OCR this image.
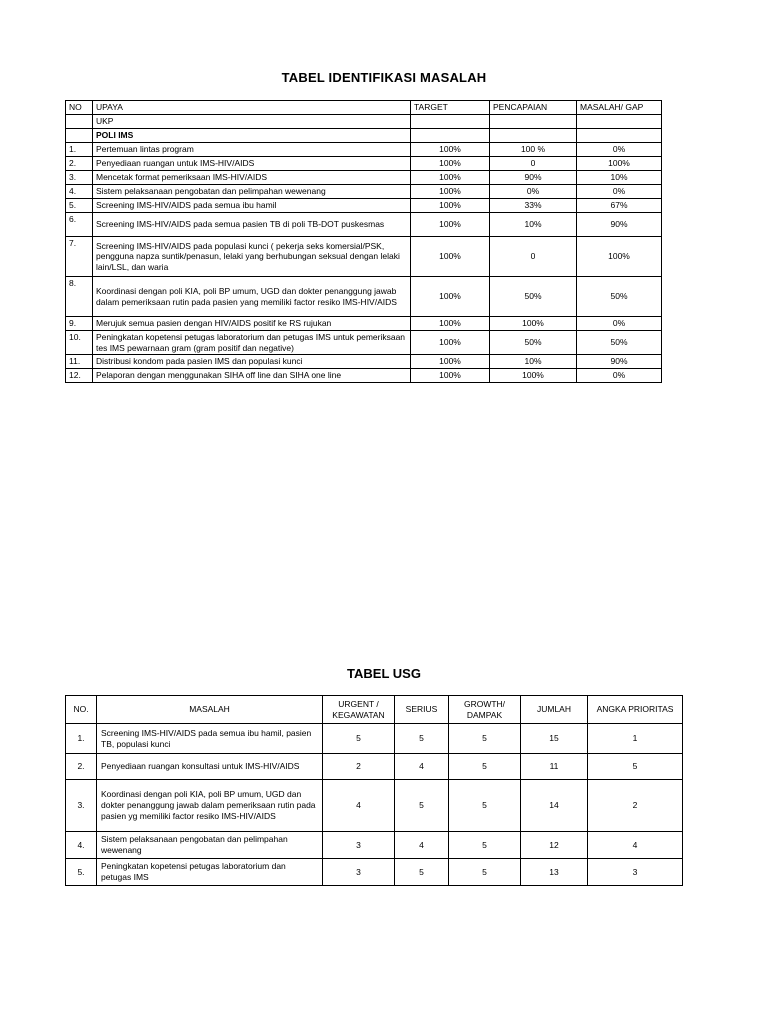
TABEL IDENTIFIKASI MASALAH
NO	UPAYA	TARGET	PENCAPAIAN	MASALAH/ GAP
	UKP			
	POLI IMS			
1.	Pertemuan lintas program	100%	100 %	0%
2.	Penyediaan ruangan untuk IMS-HIV/AIDS	100%	0	100%
3.	Mencetak format pemeriksaan IMS-HIV/AIDS	100%	90%	10%
4.	Sistem pelaksanaan pengobatan dan pelimpahan wewenang	100%	0%	0%
5.	Screening IMS-HIV/AIDS pada semua ibu hamil	100%	33%	67%
6.	Screening IMS-HIV/AIDS pada semua pasien TB di poli TB-DOT puskesmas	100%	10%	90%
7.	Screening IMS-HIV/AIDS pada populasi kunci ( pekerja seks komersial/PSK, pengguna napza suntik/penasun, lelaki yang berhubungan seksual dengan lelaki lain/LSL, dan waria	100%	0	100%
8.	Koordinasi dengan poli KIA, poli BP umum, UGD dan dokter penanggung jawab dalam pemeriksaan rutin pada pasien yang memiliki factor resiko IMS-HIV/AIDS	100%	50%	50%
9.	Merujuk semua pasien dengan HIV/AIDS positif ke RS rujukan	100%	100%	0%
10.	Peningkatan kopetensi petugas laboratorium dan petugas IMS untuk pemeriksaan tes IMS pewarnaan gram (gram positif dan negative)	100%	50%	50%
11.	Distribusi kondom pada pasien IMS dan populasi kunci	100%	10%	90%
12.	Pelaporan dengan menggunakan SIHA off line dan SIHA one line	100%	100%	0%
TABEL USG
NO.	MASALAH	URGENT / KEGAWATAN	SERIUS	GROWTH/ DAMPAK	JUMLAH	ANGKA PRIORITAS
1.	Screening IMS-HIV/AIDS pada semua ibu hamil, pasien TB, populasi kunci	5	5	5	15	1
2.	Penyediaan ruangan konsultasi untuk IMS-HIV/AIDS	2	4	5	11	5
3.	Koordinasi dengan poli KIA, poli BP umum, UGD dan dokter penanggung jawab dalam pemeriksaan rutin pada pasien yg memiliki factor resiko IMS-HIV/AIDS	4	5	5	14	2
4.	Sistem pelaksanaan pengobatan dan pelimpahan wewenang	3	4	5	12	4
5.	Peningkatan kopetensi petugas laboratorium dan petugas IMS	3	5	5	13	3
